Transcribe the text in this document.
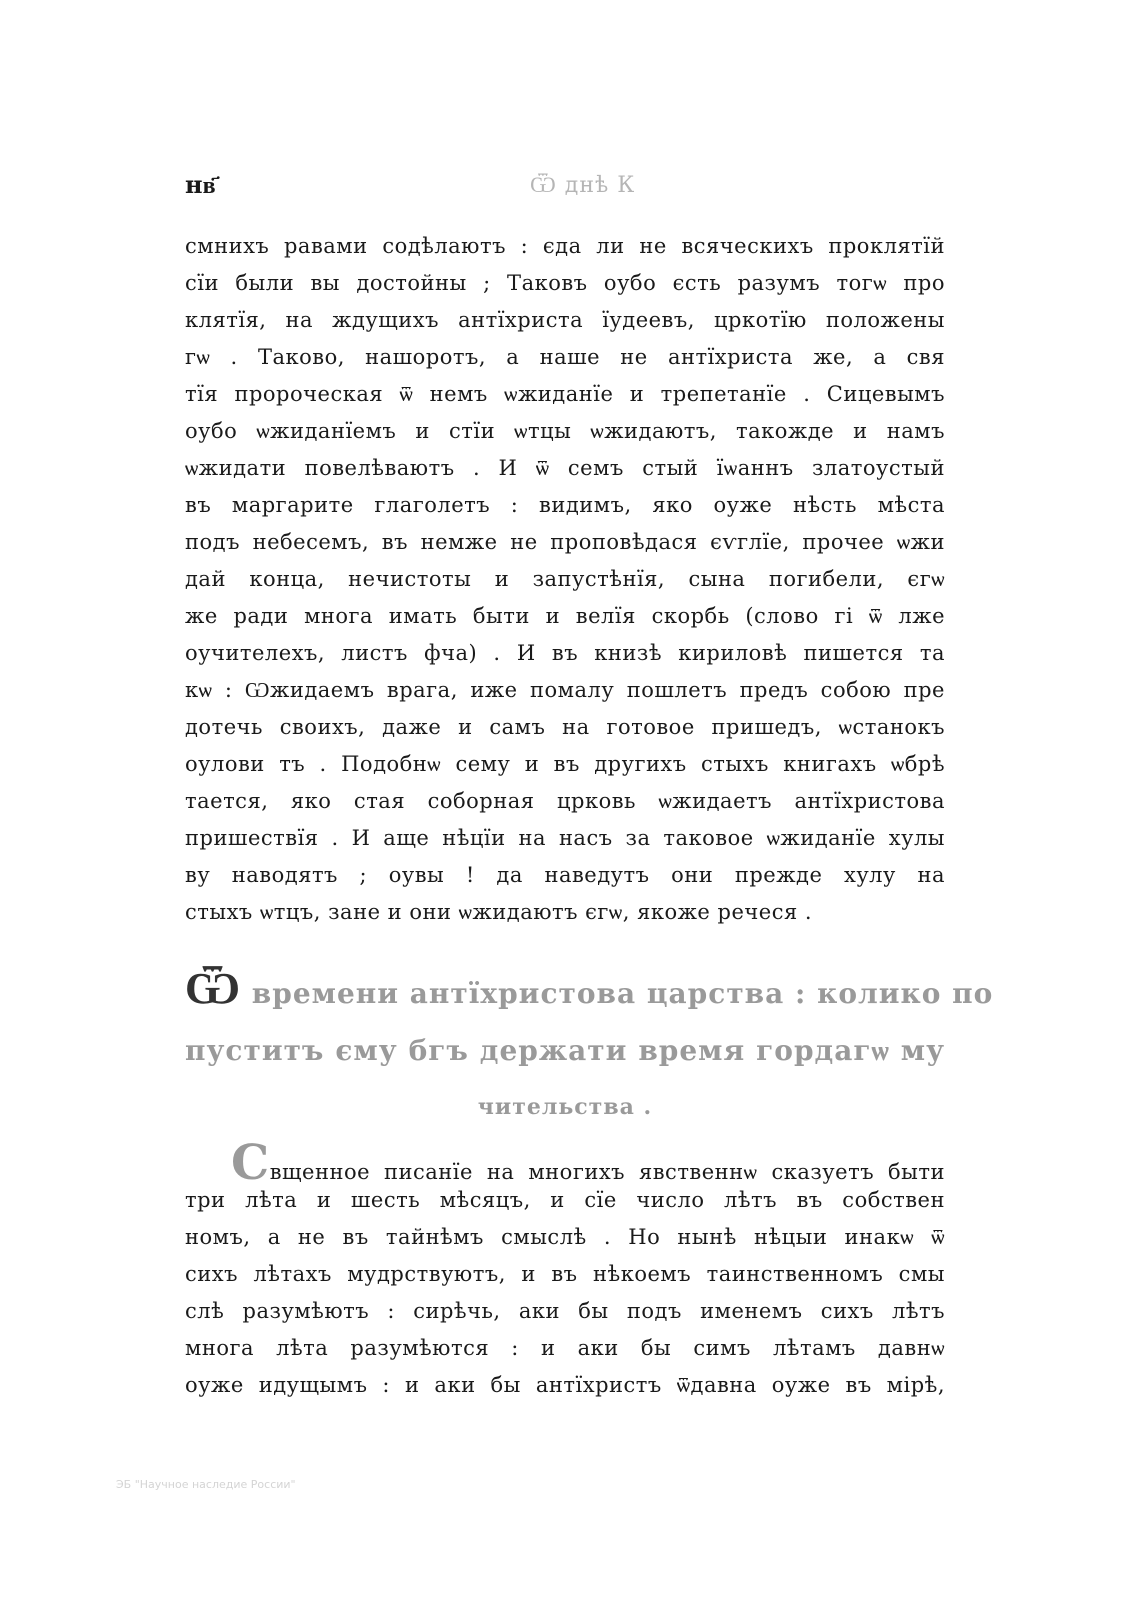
нв҃	Ѿ днѣ К
смнихъ равами содѣлаютъ : єда ли не всяческихъ проклятїй
сїи были вы достойны ; Таковъ оубо єсть разумъ тогѡ про
клятїя, на ждущихъ антїхриста їудеевъ, цркотїю положены
гѡ . Таково, нашоротъ, а наше не антїхриста же, а свя
тїя пророческая ѿ немъ ѡжиданїе и трепетанїе . Сицевымъ
оубо ѡжиданїемъ и стїи ѡтцы ѡжидаютъ, такожде и намъ
ѡжидати повелѣваютъ . И ѿ семъ стый їѡаннъ златоустый
въ маргарите глаголетъ : видимъ, яко оуже нѣсть мѣста
подъ небесемъ, въ немже не проповѣдася єѵглїе, прочее ѡжи
дай конца, нечистоты и запустѣнїя, сына погибели, єгѡ
же ради многа имать быти и велїя скорбь (слово гі ѿ лже
оучителехъ, листъ фча) . И въ книзѣ кириловѣ пишется та
кѡ : Ѡжидаемъ врага, иже помалу пошлетъ предъ собою пре
дотечь своихъ, даже и самъ на готовое пришедъ, ѡстанокъ
оулови тъ . Подобнѡ сему и въ другихъ стыхъ книгахъ ѡбрѣ
тается, яко стая соборная црковь ѡжидаетъ антїхристова
пришествїя . И аще нѣцїи на насъ за таковое ѡжиданїе хулы
ву наводятъ ; оувы ! да наведутъ они прежде хулу на
стыхъ ѡтцъ, зане и они ѡжидаютъ єгѡ, якоже речеся .
Ѿ времени антїхристова царства : колико по
пуститъ єму бгъ держати время гордагѡ му
чительства .
Свщенное писанїе на многихъ явственнѡ сказуетъ быти
три лѣта и шесть мѣсяцъ, и сїе число лѣтъ въ собствен
номъ, а не въ тайнѣмъ смыслѣ . Но нынѣ нѣцыи инакѡ ѿ
сихъ лѣтахъ мудрствуютъ, и въ нѣкоемъ таинственномъ смы
слѣ разумѣютъ : сирѣчь, аки бы подъ именемъ сихъ лѣтъ
многа лѣта разумѣются : и аки бы симъ лѣтамъ давнѡ
оуже идущымъ : и аки бы антїхристъ ѿдавна оуже въ мірѣ,
ЭБ "Научное наследие России"
